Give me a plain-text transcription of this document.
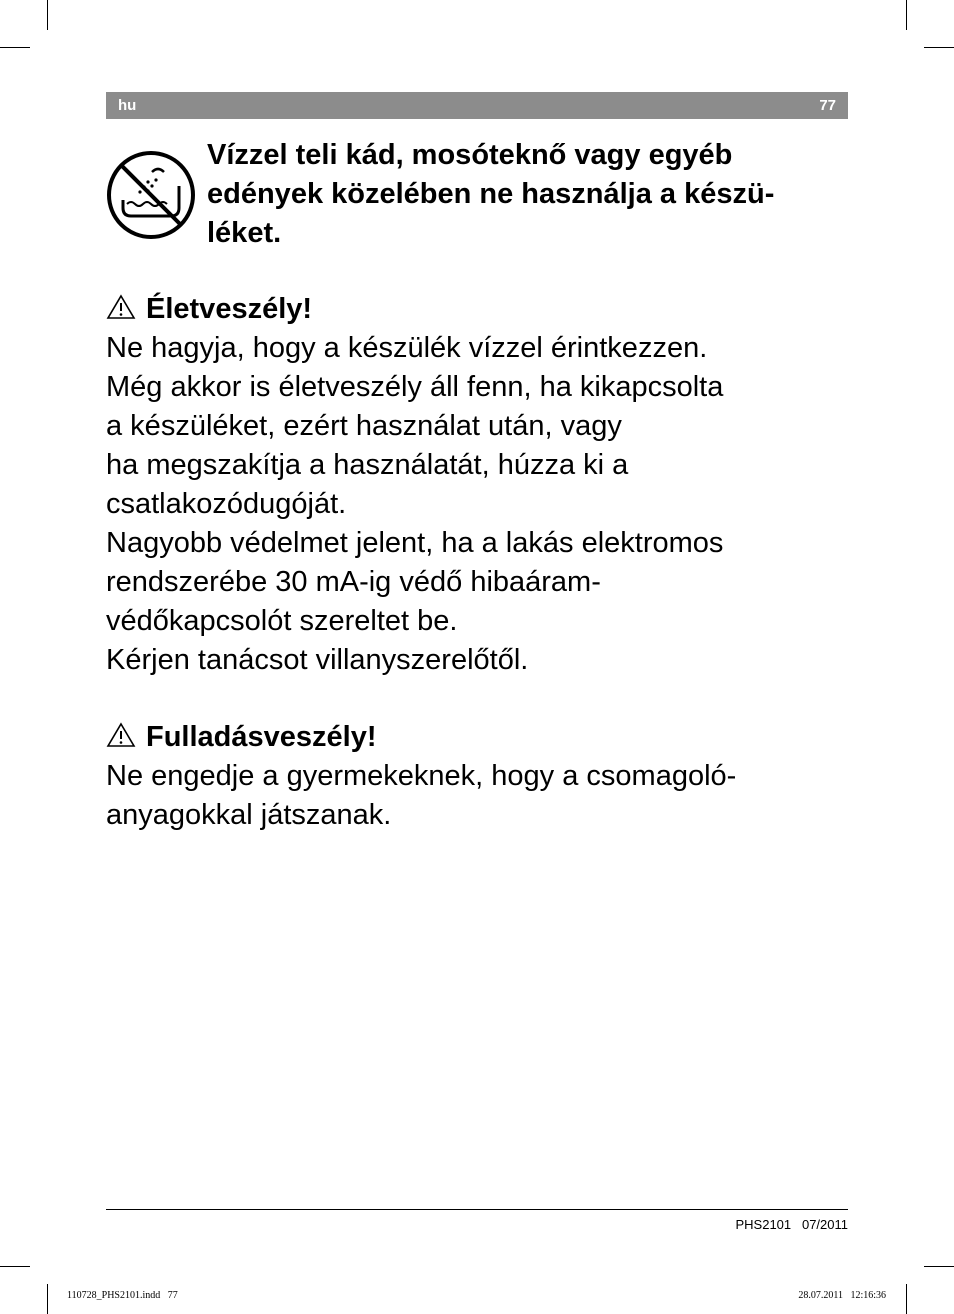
hu	77
Vízzel teli kád, mosóteknő vagy egyéb
edények közelében ne használja a készü-
léket.
Életveszély!
Ne hagyja, hogy a készülék vízzel érintkezzen.
Még akkor is életveszély áll fenn, ha kikapcsolta
a készüléket, ezért használat után, vagy
ha megszakítja a használatát, húzza ki a
csatlakozódugóját.
Nagyobb védelmet jelent, ha a lakás elektromos
rendszerébe 30 mA-ig védő hibaáram-
védőkapcsolót szereltet be.
Kérjen tanácsot villanyszerelőtől.
Fulladásveszély!
Ne engedje a gyermekeknek, hogy a csomagoló-
anyagokkal játszanak.
PHS2101   07/2011
110728_PHS2101.indd   77	28.07.2011   12:16:36
